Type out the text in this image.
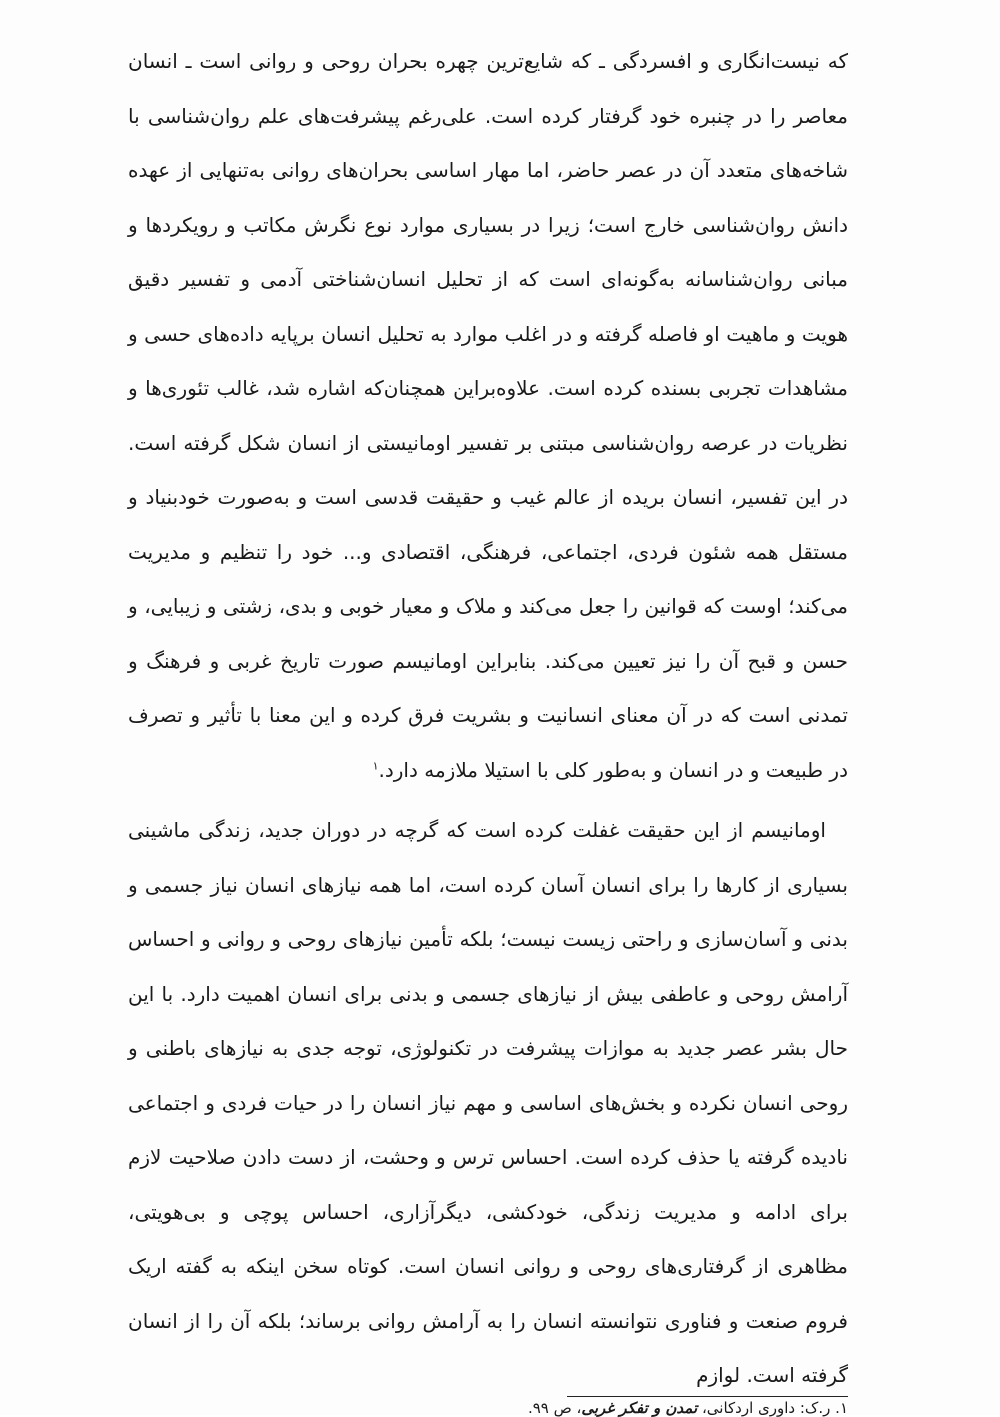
که نیست‌انگاری و افسردگی ـ که شایع‌ترین چهره بحران روحی و روانی است ـ انسان معاصر را در چنبره خود گرفتار کرده است. علی‌رغم پیشرفت‌های علم روان‌شناسی با شاخه‌های متعدد آن در عصر حاضر، اما مهار اساسی بحران‌های روانی به‌تنهایی از عهده دانش روان‌شناسی خارج است؛ زیرا در بسیاری موارد نوع نگرش مکاتب و رویکردها و مبانی روان‌شناسانه به‌گونه‌ای است که از تحلیل انسان‌شناختی آدمی و تفسیر دقیق هویت و ماهیت او فاصله گرفته و در اغلب موارد به تحلیل انسان برپایه داده‌های حسی و مشاهدات تجربی بسنده کرده است. علاوه‌براین همچنان‌که اشاره شد، غالب تئوری‌ها و نظریات در عرصه روان‌شناسی مبتنی بر تفسیر اومانیستی از انسان شکل گرفته است. در این تفسیر، انسان بریده از عالم غیب و حقیقت قدسی است و به‌صورت خودبنیاد و مستقل همه شئون فردی، اجتماعی، فرهنگی، اقتصادی و... خود را تنظیم و مدیریت می‌کند؛ اوست که قوانین را جعل می‌کند و ملاک و معیار خوبی و بدی، زشتی و زیبایی، و حسن و قبح آن را نیز تعیین می‌کند. بنابراین اومانیسم صورت تاریخ غربی و فرهنگ و تمدنی است که در آن معنای انسانیت و بشریت فرق کرده و این معنا با تأثیر و تصرف در طبیعت و در انسان و به‌طور کلی با استیلا ملازمه دارد.$^۱$

اومانیسم از این حقیقت غفلت کرده است که گرچه در دوران جدید، زندگی ماشینی بسیاری از کارها را برای انسان آسان کرده است، اما همه نیازهای انسان نیاز جسمی و بدنی و آسان‌سازی و راحتی زیست نیست؛ بلکه تأمین نیازهای روحی و روانی و احساس آرامش روحی و عاطفی بیش از نیازهای جسمی و بدنی برای انسان اهمیت دارد. با این حال بشر عصر جدید به موازات پیشرفت در تکنولوژی، توجه جدی به نیازهای باطنی و روحی انسان نکرده و بخش‌های اساسی و مهم نیاز انسان را در حیات فردی و اجتماعی نادیده گرفته یا حذف کرده است. احساس ترس و وحشت، از دست دادن صلاحیت لازم برای ادامه و مدیریت زندگی، خودکشی، دیگرآزاری، احساس پوچی و بی‌هویتی، مظاهری از گرفتاری‌های روحی و روانی انسان است. کوتاه سخن اینکه به گفته اریک فروم صنعت و فناوری نتوانسته انسان را به آرامش روانی برساند؛ بلکه آن را از انسان گرفته است. لوازم

۱. ر.ک: داوری اردکانی، تمدن و تفکر غربی، ص ۹۹.
